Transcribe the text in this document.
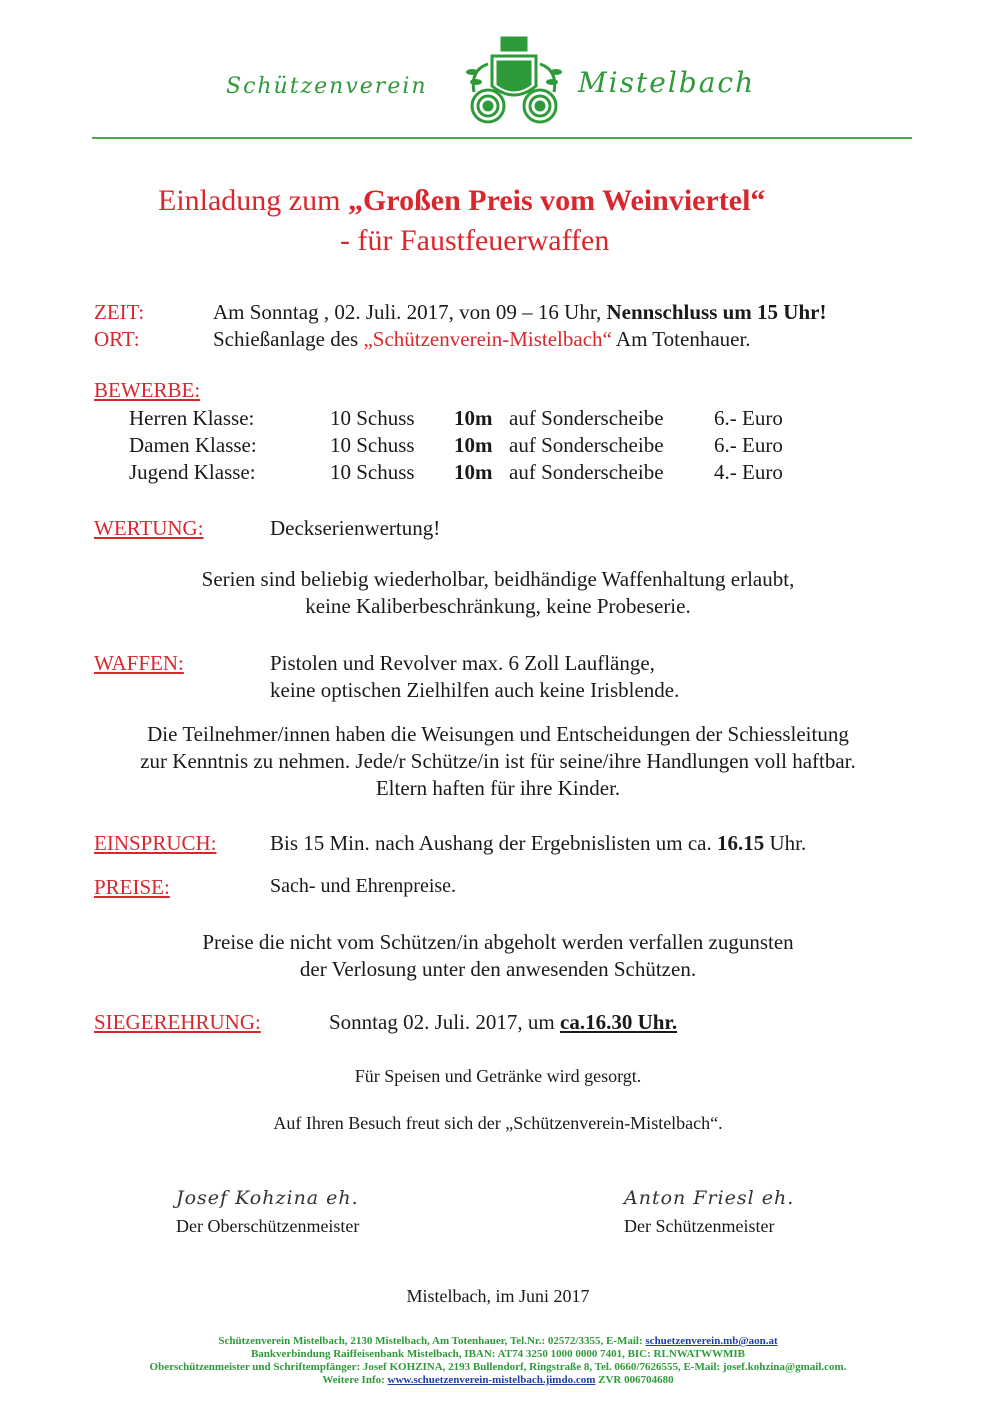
Schützenverein	Mistelbach
Einladung zum „Großen Preis vom Weinviertel“
- für Faustfeuerwaffen
ZEIT:	Am Sonntag , 02. Juli. 2017, von 09 – 16 Uhr, Nennschluss um 15 Uhr!
ORT:	Schießanlage des „Schützenverein-Mistelbach“ Am Totenhauer.
BEWERBE:
Herren Klasse:	10 Schuss 10m auf Sonderscheibe 6.- Euro
Damen Klasse:	10 Schuss 10m auf Sonderscheibe 6.- Euro
Jugend Klasse:	10 Schuss 10m auf Sonderscheibe 4.- Euro
WERTUNG:	Deckserienwertung!
Serien sind beliebig wiederholbar, beidhändige Waffenhaltung erlaubt,
keine Kaliberbeschränkung, keine Probeserie.
WAFFEN:	Pistolen und Revolver max. 6 Zoll Lauflänge,
keine optischen Zielhilfen auch keine Irisblende.
Die Teilnehmer/innen haben die Weisungen und Entscheidungen der Schiessleitung
zur Kenntnis zu nehmen. Jede/r Schütze/in ist für seine/ihre Handlungen voll haftbar.
Eltern haften für ihre Kinder.
EINSPRUCH:	Bis 15 Min. nach Aushang der Ergebnislisten um ca. 16.15 Uhr.
PREISE:	Sach- und Ehrenpreise.
Preise die nicht vom Schützen/in abgeholt werden verfallen zugunsten
der Verlosung unter den anwesenden Schützen.
SIEGEREHRUNG:	Sonntag 02. Juli. 2017, um ca.16.30 Uhr.
Für Speisen und Getränke wird gesorgt.
Auf Ihren Besuch freut sich der „Schützenverein-Mistelbach“.
Josef Kohzina eh.
Der Oberschützenmeister
Anton Friesl eh.
Der Schützenmeister
Mistelbach, im Juni 2017
Schützenverein Mistelbach, 2130 Mistelbach, Am Totenhauer, Tel.Nr.: 02572/3355, E-Mail: schuetzenverein.mb@aon.at
Bankverbindung Raiffeisenbank Mistelbach, IBAN: AT74 3250 1000 0000 7401, BIC: RLNWATWWMIB
Oberschützenmeister und Schriftempfänger: Josef KOHZINA, 2193 Bullendorf, Ringstraße 8, Tel. 0660/7626555, E-Mail: josef.kohzina@gmail.com.
Weitere Info: www.schuetzenverein-mistelbach.jimdo.com ZVR 006704680
